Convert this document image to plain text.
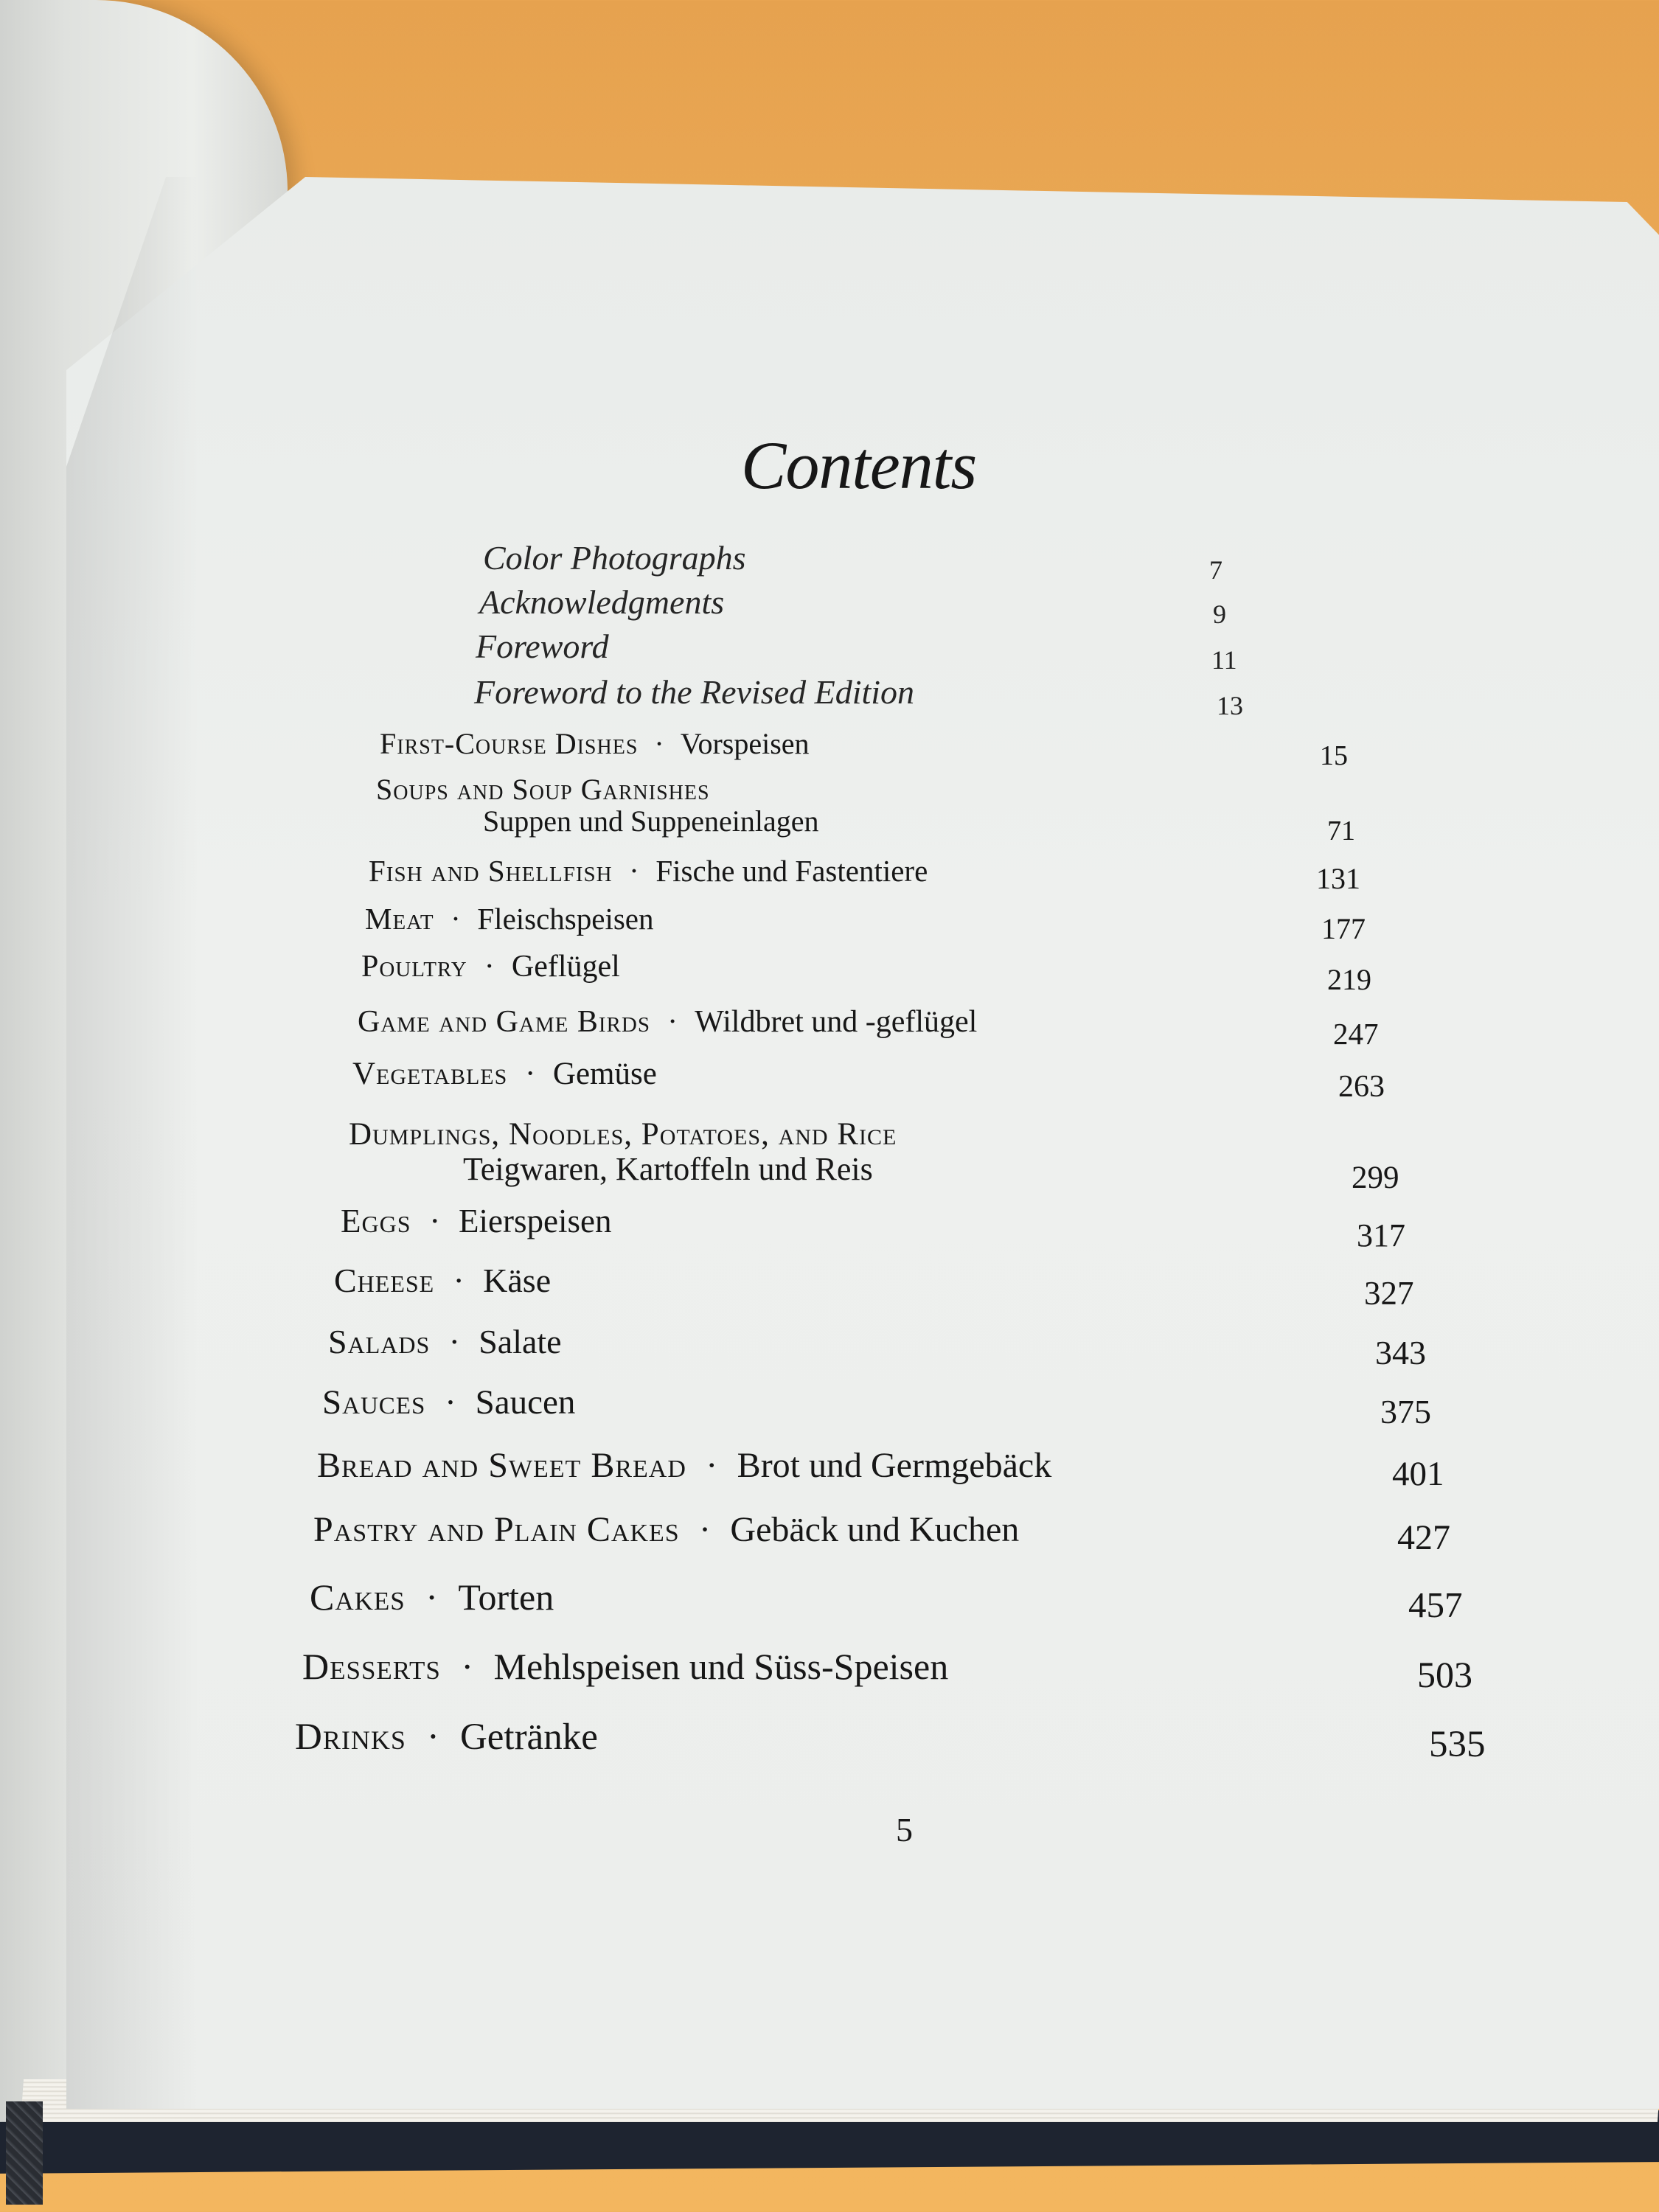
Contents
Color Photographs	7
Acknowledgments	9
Foreword	11
Foreword to the Revised Edition	13
First-Course Dishes · Vorspeisen	15
Soups and Soup Garnishes
Suppen und Suppeneinlagen	71
Fish and Shellfish · Fische und Fastentiere	131
Meat · Fleischspeisen	177
Poultry · Geflügel	219
Game and Game Birds · Wildbret und -geflügel	247
Vegetables · Gemüse	263
Dumplings, Noodles, Potatoes, and Rice
Teigwaren, Kartoffeln und Reis	299
Eggs · Eierspeisen	317
Cheese · Käse	327
Salads · Salate	343
Sauces · Saucen	375
Bread and Sweet Bread · Brot und Germgebäck	401
Pastry and Plain Cakes · Gebäck und Kuchen	427
Cakes · Torten	457
Desserts · Mehlspeisen und Süss-Speisen	503
Drinks · Getränke	535
5
